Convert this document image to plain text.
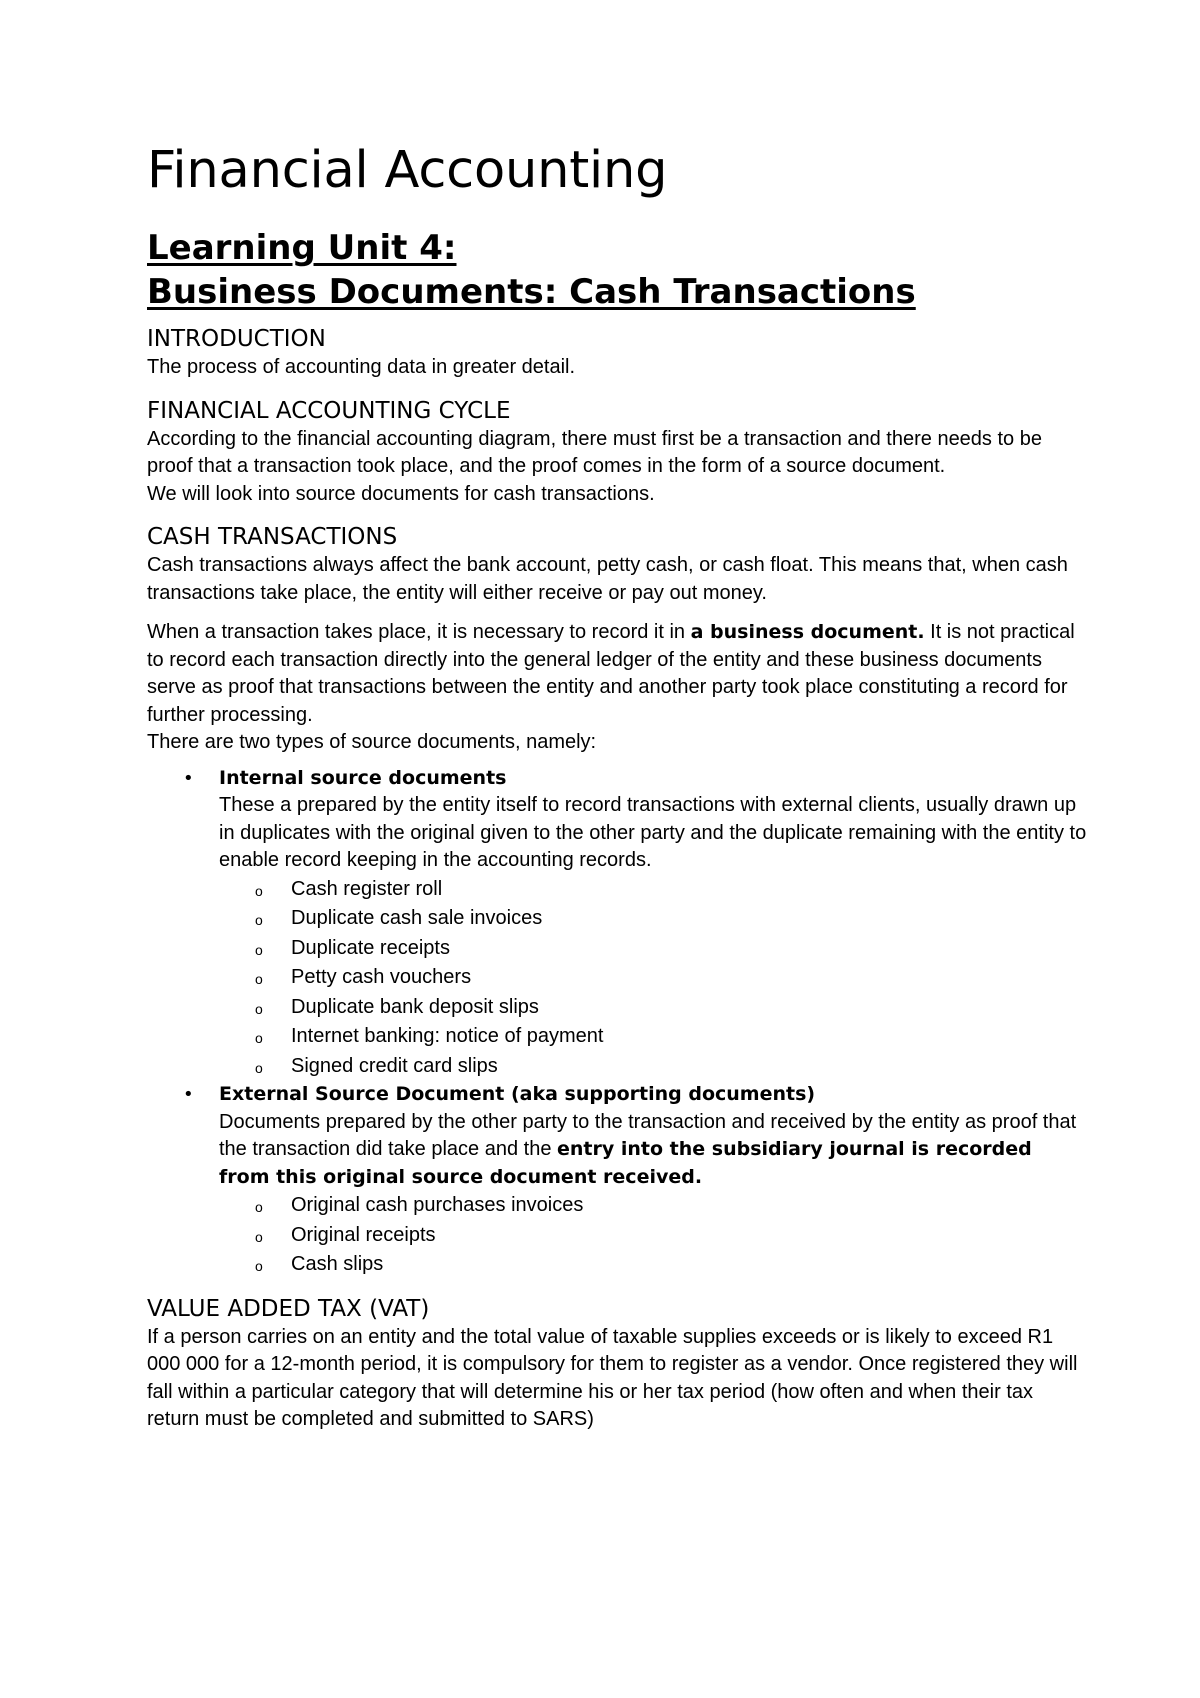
Financial Accounting
Learning Unit 4:
Business Documents: Cash Transactions
INTRODUCTION

The process of accounting data in greater detail.

FINANCIAL ACCOUNTING CYCLE

According to the financial accounting diagram, there must first be a transaction and there needs to be proof that a transaction took place, and the proof comes in the form of a source document.

We will look into source documents for cash transactions.

CASH TRANSACTIONS

Cash transactions always affect the bank account, petty cash, or cash float. This means that, when cash transactions take place, the entity will either receive or pay out money.

When a transaction takes place, it is necessary to record it in a business document. It is not practical to record each transaction directly into the general ledger of the entity and these business documents serve as proof that transactions between the entity and another party took place constituting a record for further processing.

There are two types of source documents, namely:

• Internal source documents

These a prepared by the entity itself to record transactions with external clients, usually drawn up in duplicates with the original given to the other party and the duplicate remaining with the entity to enable record keeping in the accounting records.

o Cash register roll
o Duplicate cash sale invoices
o Duplicate receipts
o Petty cash vouchers
o Duplicate bank deposit slips
o Internet banking: notice of payment
o Signed credit card slips
• External Source Document (aka supporting documents)

Documents prepared by the other party to the transaction and received by the entity as proof that the transaction did take place and the entry into the subsidiary journal is recorded from this original source document received.

o Original cash purchases invoices
o Original receipts
o Cash slips
VALUE ADDED TAX (VAT)

If a person carries on an entity and the total value of taxable supplies exceeds or is likely to exceed R1 000 000 for a 12-month period, it is compulsory for them to register as a vendor. Once registered they will fall within a particular category that will determine his or her tax period (how often and when their tax return must be completed and submitted to SARS)
